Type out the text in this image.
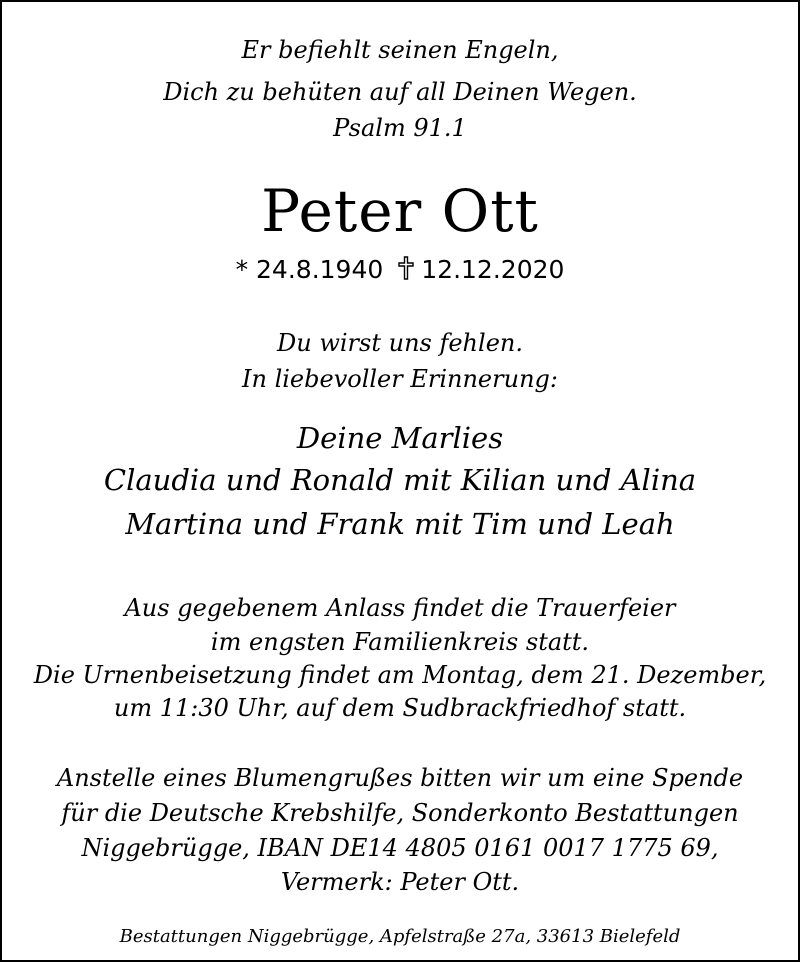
Er befiehlt seinen Engeln,
Dich zu behüten auf all Deinen Wegen.
Psalm 91.1
Peter Ott
* 24.8.1940 12.12.2020
Du wirst uns fehlen.
In liebevoller Erinnerung:
Deine Marlies
Claudia und Ronald mit Kilian und Alina
Martina und Frank mit Tim und Leah
Aus gegebenem Anlass findet die Trauerfeier
im engsten Familienkreis statt.
Die Urnenbeisetzung findet am Montag, dem 21. Dezember,
um 11:30 Uhr, auf dem Sudbrackfriedhof statt.
Anstelle eines Blumengrußes bitten wir um eine Spende
für die Deutsche Krebshilfe, Sonderkonto Bestattungen
Niggebrügge, IBAN DE14 4805 0161 0017 1775 69,
Vermerk: Peter Ott.
Bestattungen Niggebrügge, Apfelstraße 27a, 33613 Bielefeld
